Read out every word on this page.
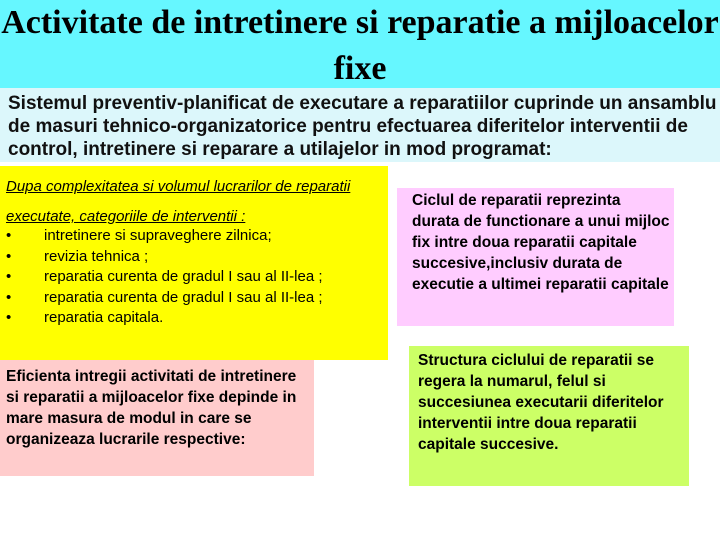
Activitate de intretinere si reparatie a mijloacelor fixe

Sistemul preventiv-planificat de executare a reparatiilor cuprinde un ansamblu de masuri tehnico-organizatorice pentru efectuarea diferitelor interventii de control, intretinere si reparare a utilajelor in mod programat:

Dupa complexitatea si volumul lucrarilor de reparatii executate, categoriile de interventii :

• intretinere si supraveghere zilnica;
• revizia tehnica ;
• reparatia curenta de gradul I sau al II-lea ;
• reparatia curenta de gradul I sau al II-lea ;
• reparatia capitala.

Eficienta intregii activitati de intretinere si reparatii a mijloacelor fixe depinde in mare masura de modul in care se organizeaza lucrarile respective:

Ciclul de reparatii reprezinta durata de functionare a unui mijloc fix intre doua reparatii capitale succesive,inclusiv durata de executie a ultimei reparatii capitale

Structura ciclului de reparatii se regera la numarul, felul si succesiunea executarii diferitelor interventii intre doua reparatii capitale succesive.
